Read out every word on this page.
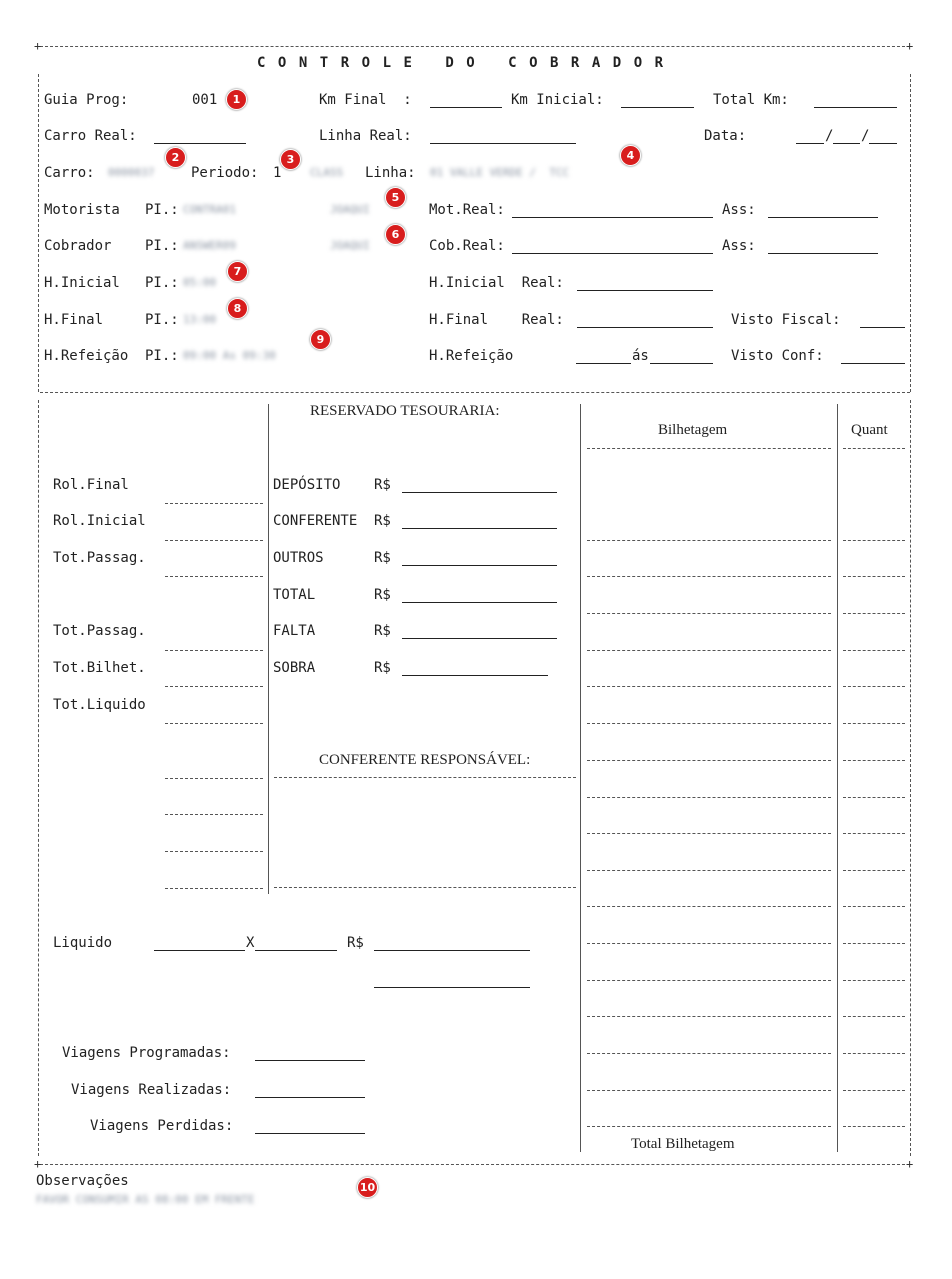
+	+
+	+
CONTROLE DO COBRADOR
Guia Prog:	001	Km Final  :	Km Inicial:	Total Km:
Carro Real:	Linha Real:	Data:	/ /
Carro: 0000037	Periodo: 1	CLASS Linha: 01 VALLE VERDE /  TCC
Motorista PI.: CONTRA01	JOAQUI	Mot.Real:	Ass:
Cobrador PI.: ANSWER09	JOAQUI	Cob.Real:	Ass:
H.Inicial PI.: 05:00	H.Inicial  Real:
H.Final	PI.: 13:00	H.Final    Real:	Visto Fiscal:
H.Refeição PI.: 09:00 As 09:30	H.Refeição	ás	Visto Conf:
Rol.Final
Rol.Inicial
Tot.Passag.
Tot.Passag.
Tot.Bilhet.
Tot.Liquido
Liquido	X	R$
Viagens Programadas:
Viagens Realizadas:
Viagens Perdidas:
RESERVADO TESOURARIA:
DEPÓSITO R$
CONFERENTE R$
OUTROS	R$
TOTAL	R$
FALTA	R$
SOBRA	R$
CONFERENTE RESPONSÁVEL:
Bilhetagem	Quant
Total Bilhetagem
Observações
FAVOR CONSUMIR AS 08:00 EM FRENTE
1
2	3	4
5
6
7
8
9
10
